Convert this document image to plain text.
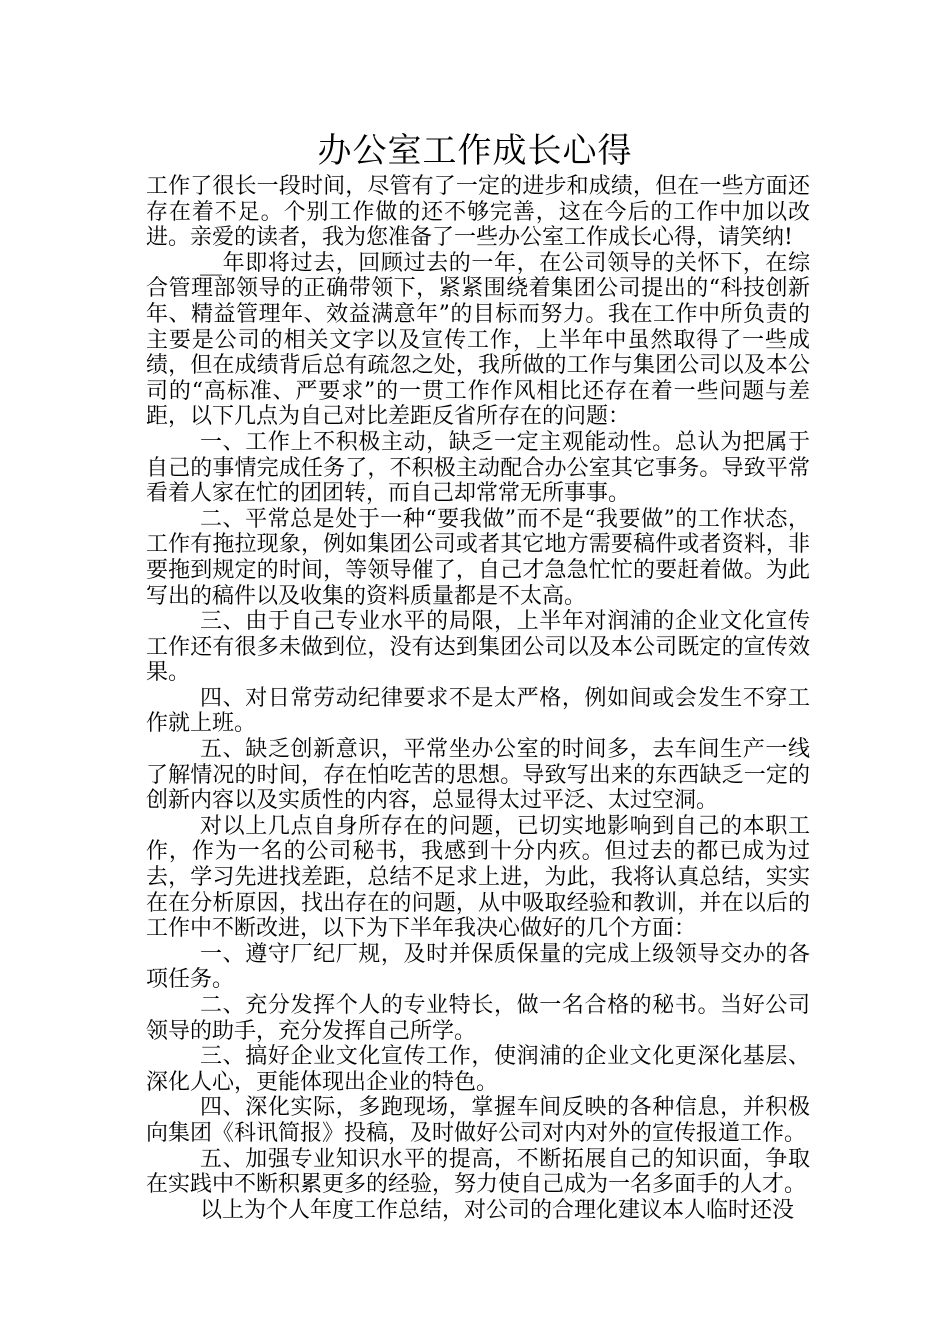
办公室工作成长心得

工作了很长一段时间，尽管有了一定的进步和成绩，但在一些方面还存在着不足。个别工作做的还不够完善，这在今后的工作中加以改进。亲爱的读者，我为您准备了一些办公室工作成长心得，请笑纳!

__年即将过去，回顾过去的一年，在公司领导的关怀下，在综合管理部领导的正确带领下，紧紧围绕着集团公司提出的“科技创新年、精益管理年、效益满意年”的目标而努力。我在工作中所负责的主要是公司的相关文字以及宣传工作，上半年中虽然取得了一些成绩，但在成绩背后总有疏忽之处，我所做的工作与集团公司以及本公司的“高标准、严要求”的一贯工作作风相比还存在着一些问题与差距，以下几点为自己对比差距反省所存在的问题：

一、工作上不积极主动，缺乏一定主观能动性。总认为把属于自己的事情完成任务了，不积极主动配合办公室其它事务。导致平常看着人家在忙的团团转，而自己却常常无所事事。

二、平常总是处于一种“要我做”而不是“我要做”的工作状态，工作有拖拉现象，例如集团公司或者其它地方需要稿件或者资料，非要拖到规定的时间，等领导催了，自己才急急忙忙的要赶着做。为此写出的稿件以及收集的资料质量都是不太高。

三、由于自己专业水平的局限，上半年对润浦的企业文化宣传工作还有很多未做到位，没有达到集团公司以及本公司既定的宣传效果。

四、对日常劳动纪律要求不是太严格，例如间或会发生不穿工作就上班。

五、缺乏创新意识，平常坐办公室的时间多，去车间生产一线了解情况的时间，存在怕吃苦的思想。导致写出来的东西缺乏一定的创新内容以及实质性的内容，总显得太过平泛、太过空洞。

对以上几点自身所存在的问题，已切实地影响到自己的本职工作，作为一名的公司秘书，我感到十分内疚。但过去的都已成为过去，学习先进找差距，总结不足求上进，为此，我将认真总结，实实在在分析原因，找出存在的问题，从中吸取经验和教训，并在以后的工作中不断改进，以下为下半年我决心做好的几个方面：

一、遵守厂纪厂规，及时并保质保量的完成上级领导交办的各项任务。

二、充分发挥个人的专业特长，做一名合格的秘书。当好公司领导的助手，充分发挥自己所学。

三、搞好企业文化宣传工作，使润浦的企业文化更深化基层、深化人心，更能体现出企业的特色。

四、深化实际，多跑现场，掌握车间反映的各种信息，并积极向集团《科讯简报》投稿，及时做好公司对内对外的宣传报道工作。

五、加强专业知识水平的提高，不断拓展自己的知识面，争取在实践中不断积累更多的经验，努力使自己成为一名多面手的人才。

以上为个人年度工作总结，对公司的合理化建议本人临时还没
